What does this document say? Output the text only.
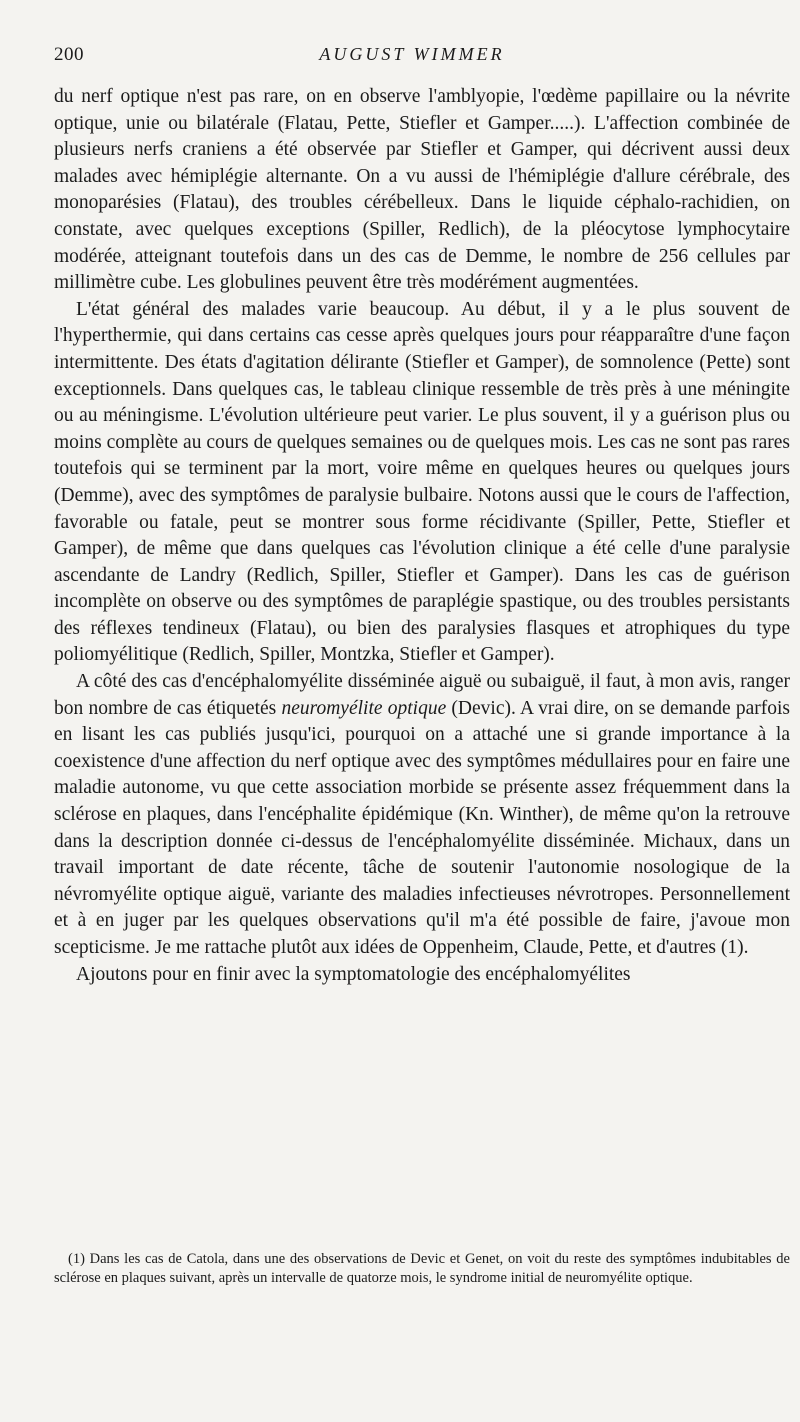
200	AUGUST WIMMER

du nerf optique n'est pas rare, on en observe l'amblyopie, l'œdème papillaire ou la névrite optique, unie ou bilatérale (Flatau, Pette, Stiefler et Gamper.....). L'affection combinée de plusieurs nerfs craniens a été observée par Stiefler et Gamper, qui décrivent aussi deux malades avec hémiplégie alternante. On a vu aussi de l'hémiplégie d'allure cérébrale, des monoparésies (Flatau), des troubles cérébelleux. Dans le liquide céphalo-rachidien, on constate, avec quelques exceptions (Spiller, Redlich), de la pléocytose lymphocytaire modérée, atteignant toutefois dans un des cas de Demme, le nombre de 256 cellules par millimètre cube. Les globulines peuvent être très modérément augmentées.

L'état général des malades varie beaucoup. Au début, il y a le plus souvent de l'hyperthermie, qui dans certains cas cesse après quelques jours pour réapparaître d'une façon intermittente. Des états d'agitation délirante (Stiefler et Gamper), de somnolence (Pette) sont exceptionnels. Dans quelques cas, le tableau clinique ressemble de très près à une méningite ou au méningisme. L'évolution ultérieure peut varier. Le plus souvent, il y a guérison plus ou moins complète au cours de quelques semaines ou de quelques mois. Les cas ne sont pas rares toutefois qui se terminent par la mort, voire même en quelques heures ou quelques jours (Demme), avec des symptômes de paralysie bulbaire. Notons aussi que le cours de l'affection, favorable ou fatale, peut se montrer sous forme récidivante (Spiller, Pette, Stiefler et Gamper), de même que dans quelques cas l'évolution clinique a été celle d'une paralysie ascendante de Landry (Redlich, Spiller, Stiefler et Gamper). Dans les cas de guérison incomplète on observe ou des symptômes de paraplégie spastique, ou des troubles persistants des réflexes tendineux (Flatau), ou bien des paralysies flasques et atrophiques du type poliomyélitique (Redlich, Spiller, Montzka, Stiefler et Gamper).

A côté des cas d'encéphalomyélite disséminée aiguë ou subaiguë, il faut, à mon avis, ranger bon nombre de cas étiquetés neuromyélite optique (Devic). A vrai dire, on se demande parfois en lisant les cas publiés jusqu'ici, pourquoi on a attaché une si grande importance à la coexistence d'une affection du nerf optique avec des symptômes médullaires pour en faire une maladie autonome, vu que cette association morbide se présente assez fréquemment dans la sclérose en plaques, dans l'encéphalite épidémique (Kn. Winther), de même qu'on la retrouve dans la description donnée ci-dessus de l'encéphalomyélite disséminée. Michaux, dans un travail important de date récente, tâche de soutenir l'autonomie nosologique de la névromyélite optique aiguë, variante des maladies infectieuses névrotropes. Personnellement et à en juger par les quelques observations qu'il m'a été possible de faire, j'avoue mon scepticisme. Je me rattache plutôt aux idées de Oppenheim, Claude, Pette, et d'autres (1).

Ajoutons pour en finir avec la symptomatologie des encéphalomyélites

(1) Dans les cas de Catola, dans une des observations de Devic et Genet, on voit du reste des symptômes indubitables de sclérose en plaques suivant, après un intervalle de quatorze mois, le syndrome initial de neuromyélite optique.
